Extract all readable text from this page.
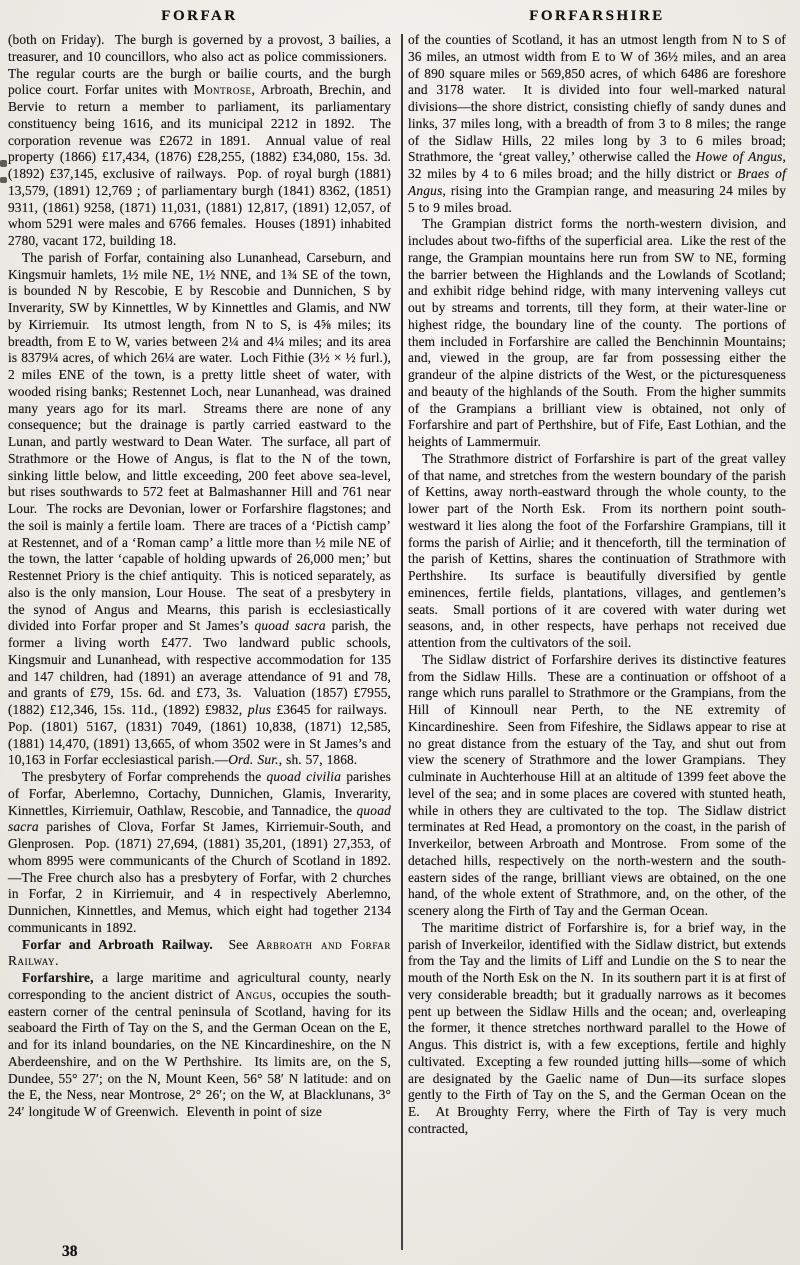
FORFAR

(both on Friday).  The burgh is governed by a provost, 3 bailies, a treasurer, and 10 councillors, who also act as police commissioners.  The regular courts are the burgh or bailie courts, and the burgh police court. Forfar unites with Montrose, Arbroath, Brechin, and Bervie to return a member to parliament, its parliamentary constituency being 1616, and its municipal 2212 in 1892.  The corporation revenue was £2672 in 1891.  Annual value of real property (1866) £17,434, (1876) £28,255, (1882) £34,080, 15s. 3d. (1892) £37,145, exclusive of railways.  Pop. of royal burgh (1881) 13,579, (1891) 12,769 ; of parliamentary burgh (1841) 8362, (1851) 9311, (1861) 9258, (1871) 11,031, (1881) 12,817, (1891) 12,057, of whom 5291 were males and 6766 females.  Houses (1891) inhabited 2780, vacant 172, building 18.

The parish of Forfar, containing also Lunanhead, Carseburn, and Kingsmuir hamlets, 1½ mile NE, 1½ NNE, and 1¾ SE of the town, is bounded N by Rescobie, E by Rescobie and Dunnichen, S by Inverarity, SW by Kinnettles, W by Kinnettles and Glamis, and NW by Kirriemuir.  Its utmost length, from N to S, is 4⅝ miles; its breadth, from E to W, varies between 2¼ and 4¼ miles; and its area is 8379¼ acres, of which 26¼ are water.  Loch Fithie (3½ × ½ furl.), 2 miles ENE of the town, is a pretty little sheet of water, with wooded rising banks; Restennet Loch, near Lunanhead, was drained many years ago for its marl.  Streams there are none of any consequence; but the drainage is partly carried eastward to the Lunan, and partly westward to Dean Water.  The surface, all part of Strathmore or the Howe of Angus, is flat to the N of the town, sinking little below, and little exceeding, 200 feet above sea-level, but rises southwards to 572 feet at Balmashanner Hill and 761 near Lour.  The rocks are Devonian, lower or Forfarshire flagstones; and the soil is mainly a fertile loam.  There are traces of a ‘Pictish camp’ at Restennet, and of a ‘Roman camp’ a little more than ½ mile NE of the town, the latter ‘capable of holding upwards of 26,000 men;’ but Restennet Priory is the chief antiquity.  This is noticed separately, as also is the only mansion, Lour House.  The seat of a presbytery in the synod of Angus and Mearns, this parish is ecclesiastically divided into Forfar proper and St James’s quoad sacra parish, the former a living worth £477. Two landward public schools, Kingsmuir and Lunanhead, with respective accommodation for 135 and 147 children, had (1891) an average attendance of 91 and 78, and grants of £79, 15s. 6d. and £73, 3s.  Valuation (1857) £7955, (1882) £12,346, 15s. 11d., (1892) £9832, plus £3645 for railways.  Pop. (1801) 5167, (1831) 7049, (1861) 10,838, (1871) 12,585, (1881) 14,470, (1891) 13,665, of whom 3502 were in St James’s and 10,163 in Forfar ecclesiastical parish.—Ord. Sur., sh. 57, 1868.

The presbytery of Forfar comprehends the quoad civilia parishes of Forfar, Aberlemno, Cortachy, Dunnichen, Glamis, Inverarity, Kinnettles, Kirriemuir, Oathlaw, Rescobie, and Tannadice, the quoad sacra parishes of Clova, Forfar St James, Kirriemuir-South, and Glenprosen.  Pop. (1871) 27,694, (1881) 35,201, (1891) 27,353, of whom 8995 were communicants of the Church of Scotland in 1892.—The Free church also has a presbytery of Forfar, with 2 churches in Forfar, 2 in Kirriemuir, and 4 in respectively Aberlemno, Dunnichen, Kinnettles, and Memus, which eight had together 2134 communicants in 1892.

Forfar and Arbroath Railway.  See Arbroath and Forfar Railway.

Forfarshire, a large maritime and agricultural county, nearly corresponding to the ancient district of Angus, occupies the south-eastern corner of the central peninsula of Scotland, having for its seaboard the Firth of Tay on the S, and the German Ocean on the E, and for its inland boundaries, on the NE Kincardineshire, on the N Aberdeenshire, and on the W Perthshire.  Its limits are, on the S, Dundee, 55° 27′; on the N, Mount Keen, 56° 58′ N latitude: and on the E, the Ness, near Montrose, 2° 26′; on the W, at Blacklunans, 3° 24′ longitude W of Greenwich.  Eleventh in point of size

FORFARSHIRE

of the counties of Scotland, it has an utmost length from N to S of 36 miles, an utmost width from E to W of 36½ miles, and an area of 890 square miles or 569,850 acres, of which 6486 are foreshore and 3178 water.  It is divided into four well-marked natural divisions—the shore district, consisting chiefly of sandy dunes and links, 37 miles long, with a breadth of from 3 to 8 miles; the range of the Sidlaw Hills, 22 miles long by 3 to 6 miles broad; Strathmore, the ‘great valley,’ otherwise called the Howe of Angus, 32 miles by 4 to 6 miles broad; and the hilly district or Braes of Angus, rising into the Grampian range, and measuring 24 miles by 5 to 9 miles broad.

The Grampian district forms the north-western division, and includes about two-fifths of the superficial area.  Like the rest of the range, the Grampian mountains here run from SW to NE, forming the barrier between the Highlands and the Lowlands of Scotland; and exhibit ridge behind ridge, with many intervening valleys cut out by streams and torrents, till they form, at their water-line or highest ridge, the boundary line of the county.  The portions of them included in Forfarshire are called the Benchinnin Mountains; and, viewed in the group, are far from possessing either the grandeur of the alpine districts of the West, or the picturesqueness and beauty of the highlands of the South.  From the higher summits of the Grampians a brilliant view is obtained, not only of Forfarshire and part of Perthshire, but of Fife, East Lothian, and the heights of Lammermuir.

The Strathmore district of Forfarshire is part of the great valley of that name, and stretches from the western boundary of the parish of Kettins, away north-eastward through the whole county, to the lower part of the North Esk.  From its northern point south-westward it lies along the foot of the Forfarshire Grampians, till it forms the parish of Airlie; and it thenceforth, till the termination of the parish of Kettins, shares the continuation of Strathmore with Perthshire.  Its surface is beautifully diversified by gentle eminences, fertile fields, plantations, villages, and gentlemen’s seats.  Small portions of it are covered with water during wet seasons, and, in other respects, have perhaps not received due attention from the cultivators of the soil.

The Sidlaw district of Forfarshire derives its distinctive features from the Sidlaw Hills.  These are a continuation or offshoot of a range which runs parallel to Strathmore or the Grampians, from the Hill of Kinnoull near Perth, to the NE extremity of Kincardineshire.  Seen from Fifeshire, the Sidlaws appear to rise at no great distance from the estuary of the Tay, and shut out from view the scenery of Strathmore and the lower Grampians.  They culminate in Auchterhouse Hill at an altitude of 1399 feet above the level of the sea; and in some places are covered with stunted heath, while in others they are cultivated to the top.  The Sidlaw district terminates at Red Head, a promontory on the coast, in the parish of Inverkeilor, between Arbroath and Montrose.  From some of the detached hills, respectively on the north-western and the south-eastern sides of the range, brilliant views are obtained, on the one hand, of the whole extent of Strathmore, and, on the other, of the scenery along the Firth of Tay and the German Ocean.

The maritime district of Forfarshire is, for a brief way, in the parish of Inverkeilor, identified with the Sidlaw district, but extends from the Tay and the limits of Liff and Lundie on the S to near the mouth of the North Esk on the N.  In its southern part it is at first of very considerable breadth; but it gradually narrows as it becomes pent up between the Sidlaw Hills and the ocean; and, overleaping the former, it thence stretches northward parallel to the Howe of Angus. This district is, with a few exceptions, fertile and highly cultivated.  Excepting a few rounded jutting hills—some of which are designated by the Gaelic name of Dun—its surface slopes gently to the Firth of Tay on the S, and the German Ocean on the E.  At Broughty Ferry, where the Firth of Tay is very much contracted,

38
